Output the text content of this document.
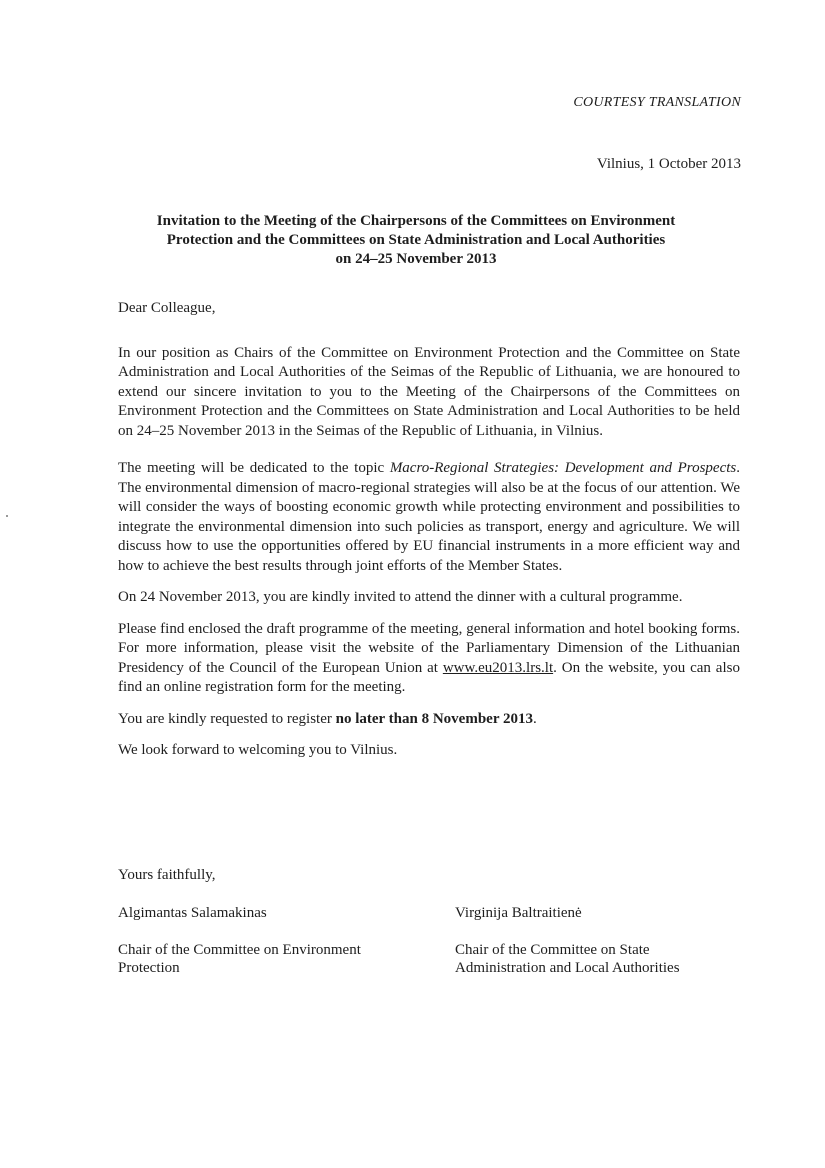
COURTESY TRANSLATION
Vilnius, 1 October 2013
Invitation to the Meeting of the Chairpersons of the Committees on Environment
Protection and the Committees on State Administration and Local Authorities
on 24–25 November 2013

Dear Colleague,

In our position as Chairs of the Committee on Environment Protection and the Committee on State Administration and Local Authorities of the Seimas of the Republic of Lithuania, we are honoured to extend our sincere invitation to you to the Meeting of the Chairpersons of the Committees on Environment Protection and the Committees on State Administration and Local Authorities to be held on 24–25 November 2013 in the Seimas of the Republic of Lithuania, in Vilnius.

The meeting will be dedicated to the topic Macro-Regional Strategies: Development and Prospects. The environmental dimension of macro-regional strategies will also be at the focus of our attention. We will consider the ways of boosting economic growth while protecting environment and possibilities to integrate the environmental dimension into such policies as transport, energy and agriculture. We will discuss how to use the opportunities offered by EU financial instruments in a more efficient way and how to achieve the best results through joint efforts of the Member States.

On 24 November 2013, you are kindly invited to attend the dinner with a cultural programme.

Please find enclosed the draft programme of the meeting, general information and hotel booking forms. For more information, please visit the website of the Parliamentary Dimension of the Lithuanian Presidency of the Council of the European Union at www.eu2013.lrs.lt. On the website, you can also find an online registration form for the meeting.

You are kindly requested to register no later than 8 November 2013.

We look forward to welcoming you to Vilnius.

Yours faithfully,
Algimantas Salamakinas	Virginija Baltraitienė
Chair of the Committee on Environment
Protection
Chair of the Committee on State
Administration and Local Authorities
